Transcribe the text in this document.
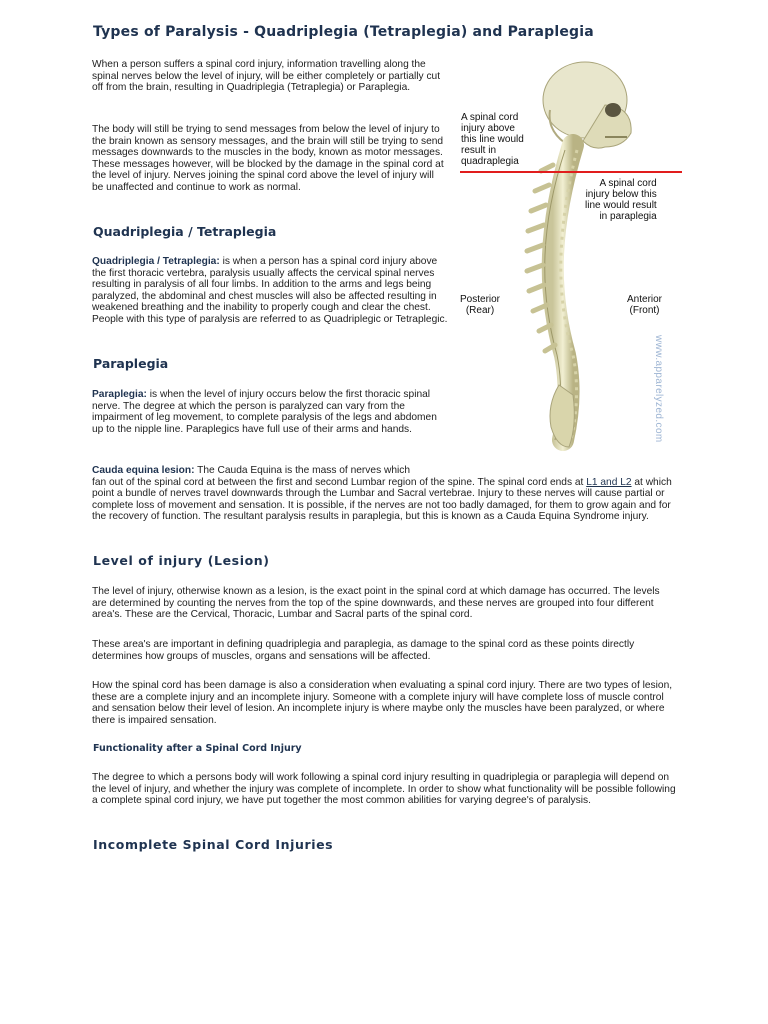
Types of Paralysis - Quadriplegia (Tetraplegia) and Paraplegia

When a person suffers a spinal cord injury, information travelling along the spinal nerves below the level of injury, will be either completely or partially cut off from the brain, resulting in Quadriplegia (Tetraplegia) or Paraplegia.

The body will still be trying to send messages from below the level of injury to the brain known as sensory messages, and the brain will still be trying to send messages downwards to the muscles in the body, known as motor messages. These messages however, will be blocked by the damage in the spinal cord at the level of injury. Nerves joining the spinal cord above the level of injury will be unaffected and continue to work as normal.

Quadriplegia / Tetraplegia

Quadriplegia / Tetraplegia: is when a person has a spinal cord injury above the first thoracic vertebra, paralysis usually affects the cervical spinal nerves resulting in paralysis of all four limbs. In addition to the arms and legs being paralyzed, the abdominal and chest muscles will also be affected resulting in weakened breathing and the inability to properly cough and clear the chest. People with this type of paralysis are referred to as Quadriplegic or Tetraplegic.

Paraplegia

Paraplegia: is when the level of injury occurs below the first thoracic spinal nerve. The degree at which the person is paralyzed can vary from the impairment of leg movement, to complete paralysis of the legs and abdomen up to the nipple line. Paraplegics have full use of their arms and hands.

Cauda equina lesion: The Cauda Equina is the mass of nerves which
fan out of the spinal cord at between the first and second Lumbar region of the spine. The spinal cord ends at L1 and L2 at which point a bundle of nerves travel downwards through the Lumbar and Sacral vertebrae. Injury to these nerves will cause partial or complete loss of movement and sensation. It is possible, if the nerves are not too badly damaged, for them to grow again and for the recovery of function. The resultant paralysis results in paraplegia, but this is known as a Cauda Equina Syndrome injury.

Level of injury (Lesion)

The level of injury, otherwise known as a lesion, is the exact point in the spinal cord at which damage has occurred. The levels are determined by counting the nerves from the top of the spine downwards, and these nerves are grouped into four different area's. These are the Cervical, Thoracic, Lumbar and Sacral parts of the spinal cord.

These area's are important in defining quadriplegia and paraplegia, as damage to the spinal cord as these points directly determines how groups of muscles, organs and sensations will be affected.

How the spinal cord has been damage is also a consideration when evaluating a spinal cord injury. There are two types of lesion, these are a complete injury and an incomplete injury. Someone with a complete injury will have complete loss of muscle control and sensation below their level of lesion. An incomplete injury is where maybe only the muscles have been paralyzed, or where there is impaired sensation.

Functionality after a Spinal Cord Injury

The degree to which a persons body will work following a spinal cord injury resulting in quadriplegia or paraplegia will depend on the level of injury, and whether the injury was complete of incomplete. In order to show what functionality will be possible following a complete spinal cord injury, we have put together the most common abilities for varying degree's of paralysis.

Incomplete Spinal Cord Injuries

A spinal cord
injury above
this line would
result in
quadraplegia

A spinal cord
injury below this
line would result
in paraplegia

Posterior
(Rear)

Anterior
(Front)

www.apparelyzed.com
